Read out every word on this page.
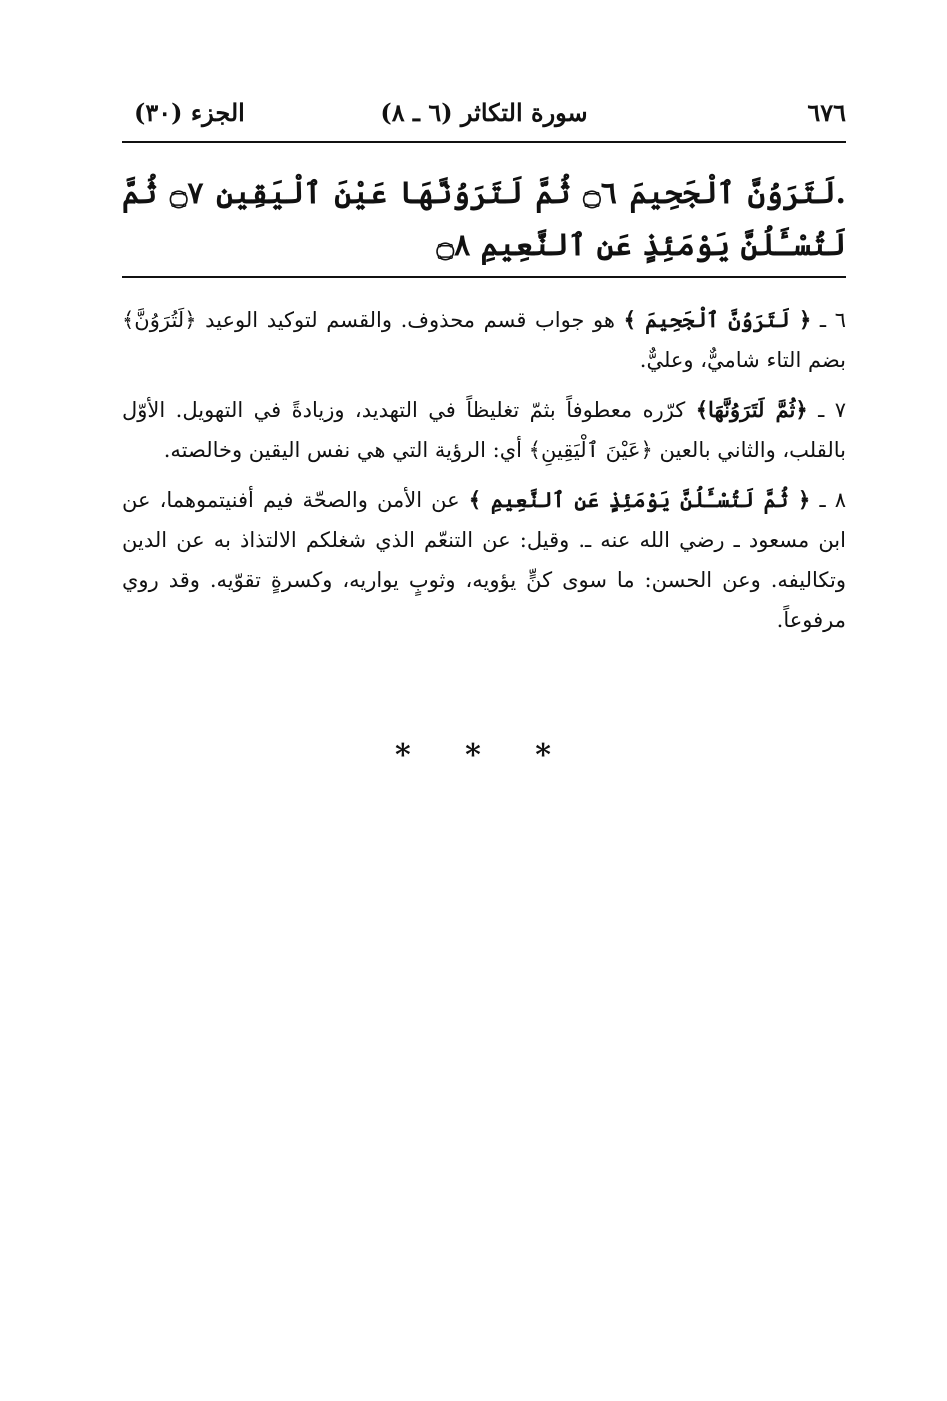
٦٧٦
سورة التكاثر (٦ ـ ٨)
الجزء (٣٠)
.لَتَرَوُنَّ ٱلْجَحِيمَ ۝٦ ثُمَّ لَتَرَوُنَّهَا عَيْنَ ٱلْيَقِينِ ۝٧ ثُمَّ لَتُسْـَٔلُنَّ يَوْمَئِذٍ عَنِ ٱلنَّعِيمِ ۝٨

٦ ـ ﴿ لَتَرَوُنَّ ٱلْجَحِيمَ ﴾ هو جواب قسم محذوف. والقسم لتوكيد الوعيد ﴿لَتُرَوُنَّ﴾ بضم التاء شاميٌّ، وعليٌّ.

٧ ـ ﴿ثُمَّ لَتَرَوُنَّهَا﴾ كرّره معطوفاً بثمّ تغليظاً في التهديد، وزيادةً في التهويل. الأوّل بالقلب، والثاني بالعين ﴿عَيْنَ ٱلْيَقِينِ﴾ أي: الرؤية التي هي نفس اليقين وخالصته.

٨ ـ ﴿ ثُمَّ لَتُسْـَٔلُنَّ يَوْمَئِذٍ عَنِ ٱلنَّعِيمِ ﴾ عن الأمن والصحّة فيم أفنيتموهما، عن ابن مسعود ـ رضي الله عنه ـ. وقيل: عن التنعّم الذي شغلكم الالتذاذ به عن الدين وتكاليفه. وعن الحسن: ما سوى كنٍّ يؤويه، وثوبٍ يواريه، وكسرةٍ تقوّيه. وقد روي مرفوعاً.

* * *
